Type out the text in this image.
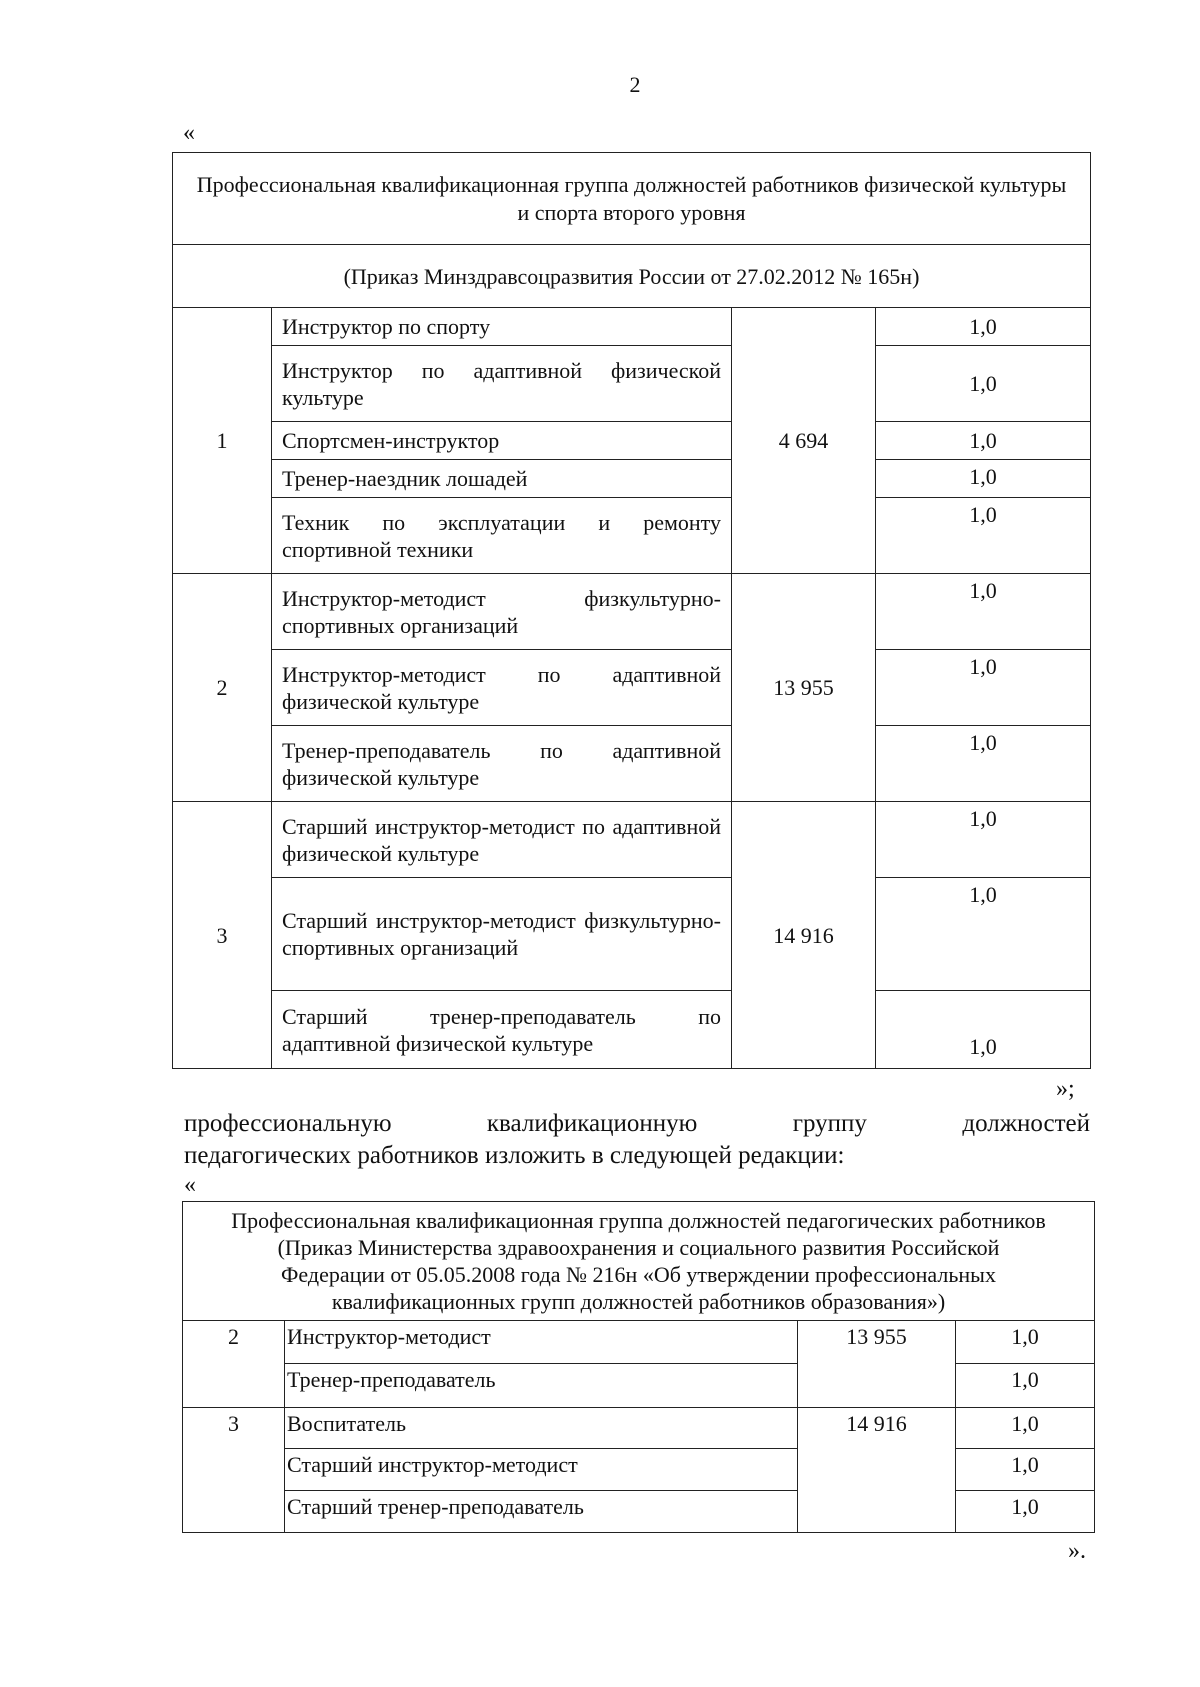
2
«
Профессиональная квалификационная группа должностей работников физической культуры и спорта второго уровня			
(Приказ Минздравсоцразвития России от 27.02.2012 № 165н)			
1	Инструктор по спорту	4 694	1,0
	Инструктор по адаптивной физической культуре		1,0
	Спортсмен-инструктор		1,0
	Тренер-наездник лошадей		1,0
	Техник по эксплуатации и ремонту спортивной техники		1,0
2	Инструктор-методист физкультурно-спортивных организаций	13 955	1,0
	Инструктор-методист по адаптивной физической культуре		1,0
	Тренер-преподаватель по адаптивной физической культуре		1,0
3	Старший инструктор-методист по адаптивной физической культуре	14 916	1,0
	Старший инструктор-методист физкультурно-спортивных организаций		1,0
	Старший тренер-преподаватель по адаптивной физической культуре		1,0
»;
профессиональную квалификационную группу должностей
педагогических работников изложить в следующей редакции:
«
Профессиональная квалификационная группа должностей педагогических работников
(Приказ Министерства здравоохранения и социального развития Российской
Федерации от 05.05.2008 года № 216н «Об утверждении профессиональных
квалификационных групп должностей работников образования»)			

2	Инструктор-методист	13 955	1,0
	Тренер-преподаватель		1,0
3	Воспитатель	14 916	1,0
	Старший инструктор-методист		1,0
	Старший тренер-преподаватель		1,0
».
